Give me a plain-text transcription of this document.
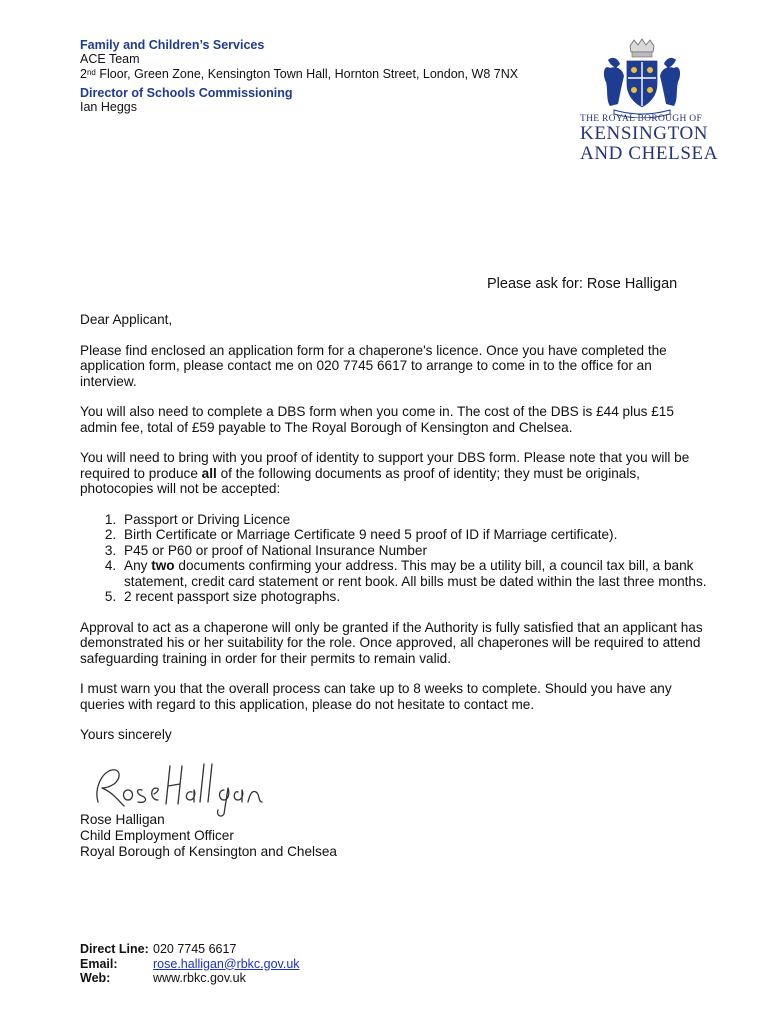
Family and Children’s Services
ACE Team
2nd Floor, Green Zone, Kensington Town Hall, Hornton Street, London, W8 7NX
Director of Schools Commissioning
Ian Heggs
THE ROYAL BOROUGH OF
KENSINGTON
AND CHELSEA
Please ask for: Rose Halligan

Dear Applicant,

Please find enclosed an application form for a chaperone's licence. Once you have completed the application form, please contact me on 020 7745 6617 to arrange to come in to the office for an interview.

You will also need to complete a DBS form when you come in. The cost of the DBS is £44 plus £15 admin fee, total of £59 payable to The Royal Borough of Kensington and Chelsea.

You will need to bring with you proof of identity to support your DBS form. Please note that you will be required to produce all of the following documents as proof of identity; they must be originals, photocopies will not be accepted:

1. Passport or Driving Licence
2. Birth Certificate or Marriage Certificate 9 need 5 proof of ID if Marriage certificate).
3. P45 or P60 or proof of National Insurance Number
4. Any two documents confirming your address. This may be a utility bill, a council tax bill, a bank statement, credit card statement or rent book. All bills must be dated within the last three months.
5. 2 recent passport size photographs.

Approval to act as a chaperone will only be granted if the Authority is fully satisfied that an applicant has demonstrated his or her suitability for the role. Once approved, all chaperones will be required to attend safeguarding training in order for their permits to remain valid.

I must warn you that the overall process can take up to 8 weeks to complete. Should you have any queries with regard to this application, please do not hesitate to contact me.

Yours sincerely

Rose Halligan
Child Employment Officer
Royal Borough of Kensington and Chelsea
Direct Line:	020 7745 6617
Email:	rose.halligan@rbkc.gov.uk
Web:	www.rbkc.gov.uk
